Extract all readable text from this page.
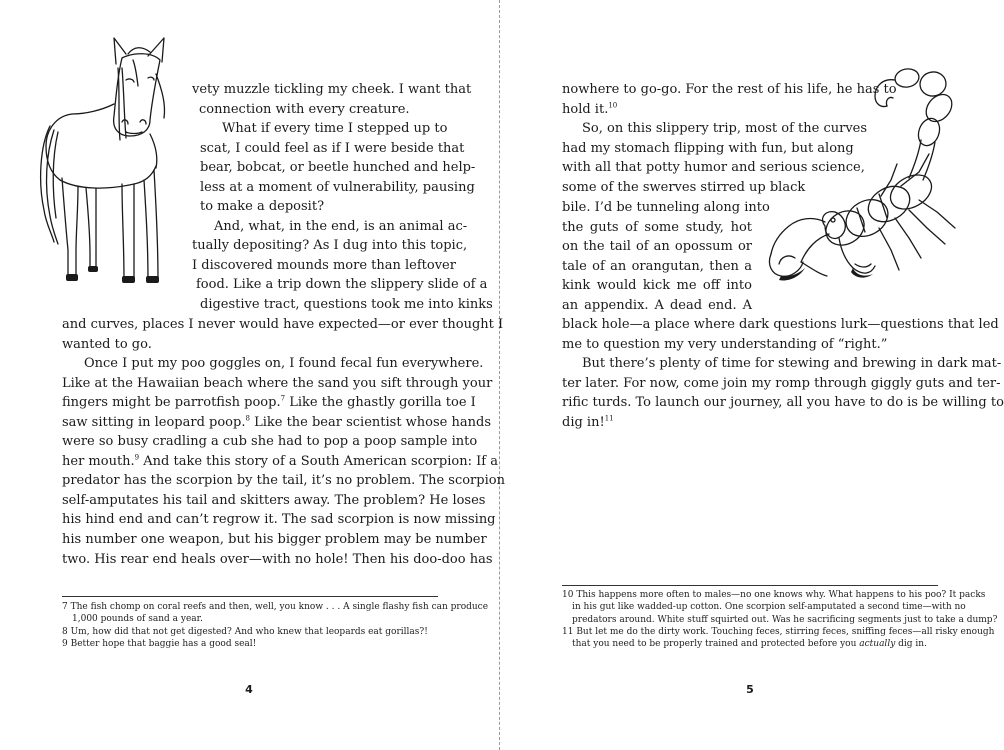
vety muzzle tickling my cheek. I want that
connection with every creature.
What if every time I stepped up to
scat, I could feel as if I were beside that
bear, bobcat, or beetle hunched and help-
less at a moment of vulnerability, pausing
to make a deposit?
And, what, in the end, is an animal ac-
tually depositing? As I dug into this topic,
I discovered mounds more than leftover
food. Like a trip down the slippery slide of a
digestive tract, questions took me into kinks
and curves, places I never would have expected—or ever thought I
wanted to go.
Once I put my poo goggles on, I found fecal fun everywhere.
Like at the Hawaiian beach where the sand you sift through your
fingers might be parrotfish poop.$^7$ Like the ghastly gorilla toe I
saw sitting in leopard poop.$^8$ Like the bear scientist whose hands
were so busy cradling a cub she had to pop a poop sample into
her mouth.$^9$ And take this story of a South American scorpion: If a
predator has the scorpion by the tail, it’s no problem. The scorpion
self-amputates his tail and skitters away. The problem? He loses
his hind end and can’t regrow it. The sad scorpion is now missing
his number one weapon, but his bigger problem may be number
two. His rear end heals over—with no hole! Then his doo-doo has
7 The fish chomp on coral reefs and then, well, you know . . . A single flashy fish can produce
1,000 pounds of sand a year.
8 Um, how did that not get digested? And who knew that leopards eat gorillas?!
9 Better hope that baggie has a good seal!
4
nowhere to go-go. For the rest of his life, he has to
hold it.$^{10}$
So, on this slippery trip, most of the curves
had my stomach flipping with fun, but along
with all that potty humor and serious science,
some of the swerves stirred up black
bile. I’d be tunneling along into
the guts of some study, hot
on the tail of an opossum or
tale of an orangutan, then a
kink would kick me off into
an appendix. A dead end. A
black hole—a place where dark questions lurk—questions that led
me to question my very understanding of “right.”
But there’s plenty of time for stewing and brewing in dark mat-
ter later. For now, come join my romp through giggly guts and ter-
rific turds. To launch our journey, all you have to do is be willing to
dig in!$^{11}$
10 This happens more often to males—no one knows why. What happens to his poo? It packs
in his gut like wadded-up cotton. One scorpion self-amputated a second time—with no
predators around. White stuff squirted out. Was he sacrificing segments just to take a dump?
11 But let me do the dirty work. Touching feces, stirring feces, sniffing feces—all risky enough
that you need to be properly trained and protected before you actually dig in.
5
